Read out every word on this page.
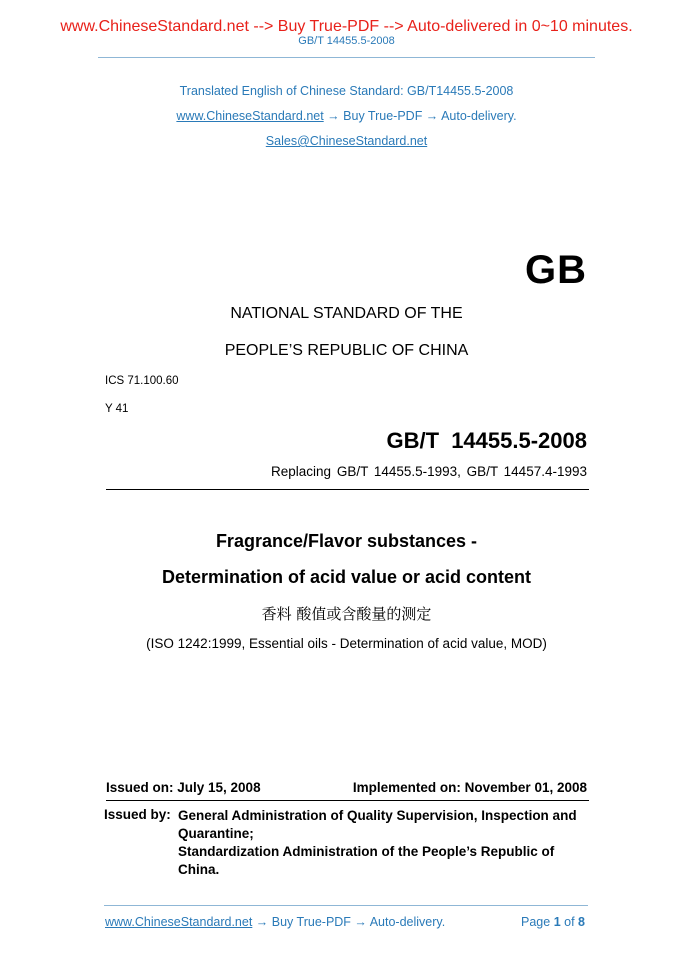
www.ChineseStandard.net --> Buy True-PDF --> Auto-delivered in 0~10 minutes.
GB/T 14455.5-2008
Translated English of Chinese Standard: GB/T14455.5-2008
www.ChineseStandard.net → Buy True-PDF → Auto-delivery.
Sales@ChineseStandard.net
GB
NATIONAL STANDARD OF THE
PEOPLE’S REPUBLIC OF CHINA
ICS 71.100.60
Y 41
GB/T 14455.5-2008
Replacing GB/T 14455.5-1993, GB/T 14457.4-1993
Fragrance/Flavor substances -
Determination of acid value or acid content
香料 酸值或含酸量的测定
(ISO 1242:1999, Essential oils - Determination of acid value, MOD)
Issued on: July 15, 2008	Implemented on: November 01, 2008
Issued by: General Administration of Quality Supervision, Inspection and
Quarantine;
Standardization Administration of the People’s Republic of
China.
www.ChineseStandard.net → Buy True-PDF → Auto-delivery.	Page 1 of 8
